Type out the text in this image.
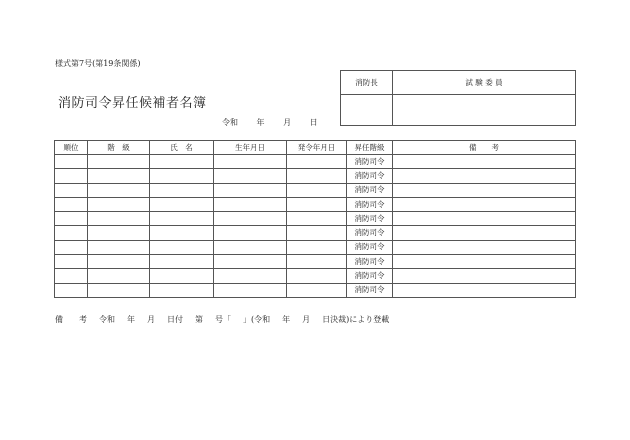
様式第7号(第19条関係)
消防司令昇任候補者名簿
令和 年 月 日
消防長	試 験 委 員

順位	階　級	氏　名	生年月日	発令年月日	昇任階級	備　　考
					消防司令	
					消防司令	
					消防司令	
					消防司令	
					消防司令	
					消防司令	
					消防司令	
					消防司令	
					消防司令	
					消防司令	
備　　考 令和 年 月 日付 第 号「 」(令和 年 月 日決裁)により登載
